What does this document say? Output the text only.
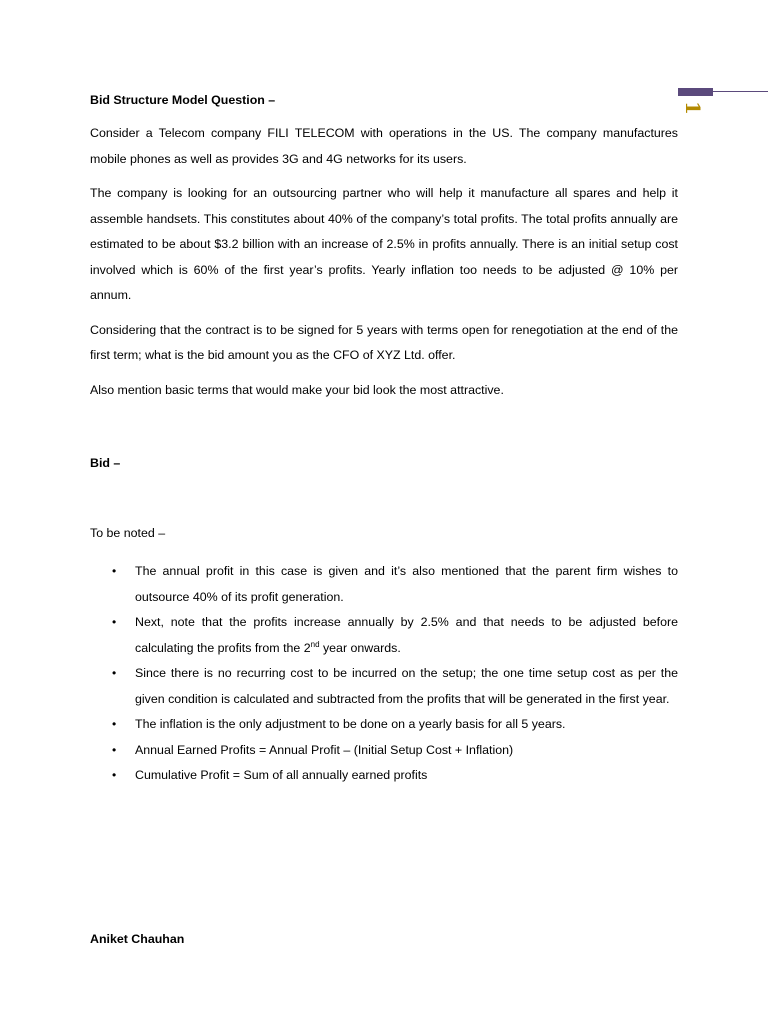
1
Bid Structure Model Question –

Consider a Telecom company FILI TELECOM with operations in the US. The company manufactures mobile phones as well as provides 3G and 4G networks for its users.

The company is looking for an outsourcing partner who will help it manufacture all spares and help it assemble handsets. This constitutes about 40% of the company’s total profits. The total profits annually are estimated to be about $3.2 billion with an increase of 2.5% in profits annually. There is an initial setup cost involved which is 60% of the first year’s profits. Yearly inflation too needs to be adjusted @ 10% per annum.

Considering that the contract is to be signed for 5 years with terms open for renegotiation at the end of the first term; what is the bid amount you as the CFO of XYZ Ltd. offer.

Also mention basic terms that would make your bid look the most attractive.

Bid –
To be noted –
• The annual profit in this case is given and it’s also mentioned that the parent firm wishes to outsource 40% of its profit generation.
• Next, note that the profits increase annually by 2.5% and that needs to be adjusted before calculating the profits from the 2nd year onwards.
• Since there is no recurring cost to be incurred on the setup; the one time setup cost as per the given condition is calculated and subtracted from the profits that will be generated in the first year.
• The inflation is the only adjustment to be done on a yearly basis for all 5 years.
• Annual Earned Profits = Annual Profit – (Initial Setup Cost + Inflation)
• Cumulative Profit = Sum of all annually earned profits
Aniket Chauhan
